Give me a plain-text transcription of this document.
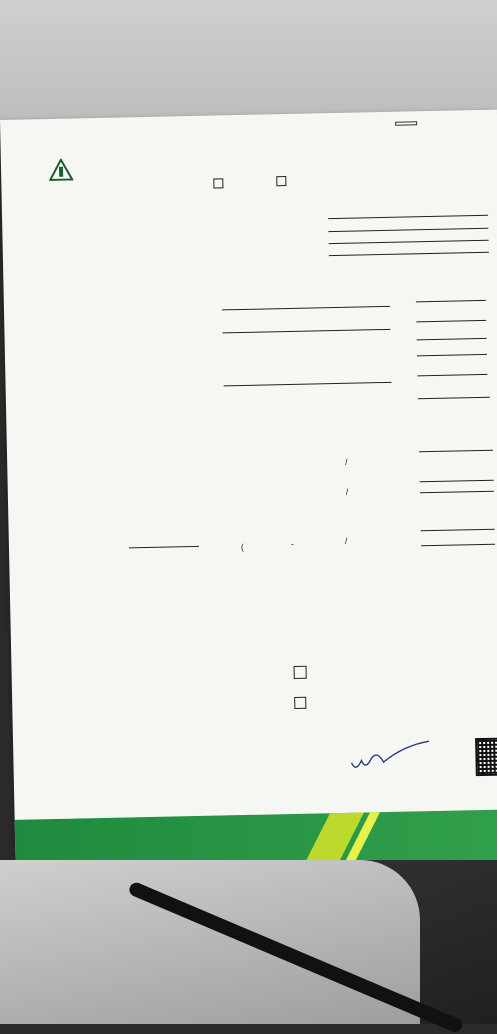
/
/
(	-	/
